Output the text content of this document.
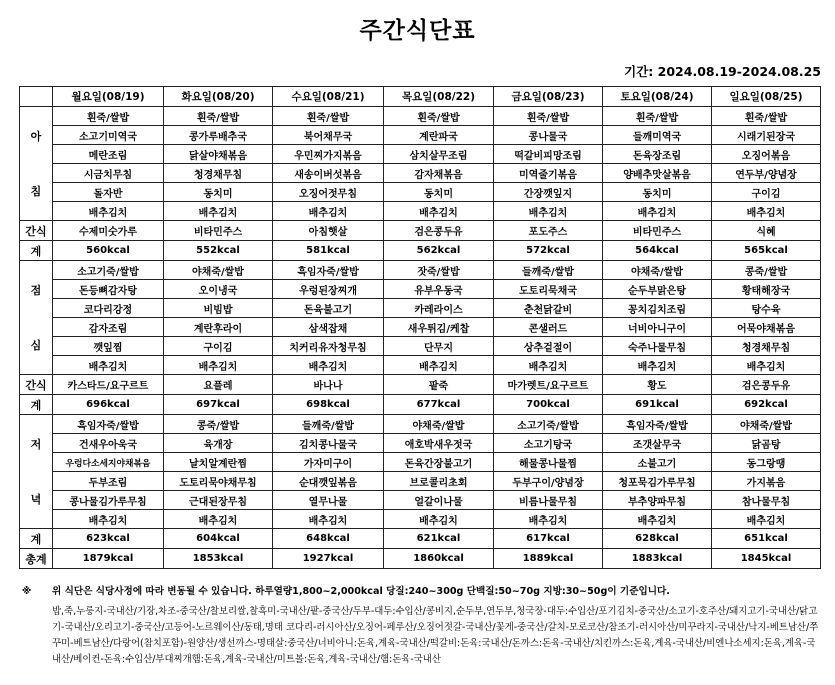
주간식단표
기간: 2024.08.19-2024.08.25
	월요일(08/19)	화요일(08/20)	수요일(08/21)	목요일(08/22)	금요일(08/23)	토요일(08/24)	일요일(08/25)

아
침	흰죽/쌀밥	흰죽/쌀밥	흰죽/쌀밥	흰죽/쌀밥	흰죽/쌀밥	흰죽/쌀밥	흰죽/쌀밥
	소고기미역국	콩가루배추국	북어채무국	계란파국	콩나물국	들깨미역국	시래기된장국
	메란조림	닭살야채볶음	우민찌가지볶음	삼치살무조림	떡갈비피망조림	돈육장조림	오징어볶음
	시금치무침	청경채무침	새송이버섯볶음	감자채볶음	미역줄기볶음	양배추맛살볶음	연두부/양념장
	돌자반	동치미	오징어젓무침	동치미	간장깻잎지	동치미	구이김
	배추김치	배추김치	배추김치	배추김치	배추김치	배추김치	배추김치
간식	수제미숫가루	비타민주스	아침햇살	검은콩두유	포도주스	비타민주스	식혜
계	560kcal	552kcal	581kcal	562kcal	572kcal	564kcal	565kcal

점
심	소고기죽/쌀밥	야채죽/쌀밥	흑임자죽/쌀밥	잣죽/쌀밥	들깨죽/쌀밥	야채죽/쌀밥	콩죽/쌀밥
	돈등뼈감자탕	오이냉국	우렁된장찌개	유부우동국	도토리묵채국	순두부맑은탕	황태해장국
	코다리강정	비빔밥	돈육불고기	카레라이스	춘천닭갈비	꽁치김치조림	탕수육
	감자조림	계란후라이	삼색잡채	새우튀김/케찹	콘샐러드	너비아니구이	어묵야채볶음
	깻잎찜	구이김	치커리유자청무침	단무지	상추겉절이	숙주나물무침	청경채무침
	배추김치	배추김치	배추김치	배추김치	배추김치	배추김치	배추김치
간식	카스타드/요구르트	요플레	바나나	팥죽	마가렛트/요구르트	황도	검은콩두유
계	696kcal	697kcal	698kcal	677kcal	700kcal	691kcal	692kcal

저
녁	흑임자죽/쌀밥	콩죽/쌀밥	들깨죽/쌀밥	야채죽/쌀밥	소고기죽/쌀밥	흑임자죽/쌀밥	야채죽/쌀밥
	건새우아욱국	육개장	김치콩나물국	애호박새우젓국	소고기탕국	조갯살무국	닭곰탕
	우렁다소세지야채볶음	날치알계란찜	가자미구이	돈육간장불고기	해물콩나물찜	소불고기	동그랑땡
	두부조림	도토리묵야채무침	순대깻잎볶음	브로콜리초회	두부구이/양념장	청포묵김가루무침	가지볶음
	콩나물김가루무침	근대된장무침	열무나물	얼갈이나물	비름나물무침	부추양파무침	참나물무침
	배추김치	배추김치	배추김치	배추김치	배추김치	배추김치	배추김치
계	623kcal	604kcal	648kcal	621kcal	617kcal	628kcal	651kcal
총계	1879kcal	1853kcal	1927kcal	1860kcal	1889kcal	1883kcal	1845kcal
※	위 식단은 식당사정에 따라 변동될 수 있습니다. 하루열량1,800~2,000kcal 당질:240~300g 단백질:50~70g 지방:30~50g이 기준입니다.
밥,죽,누룽지-국내산/기장,차조-중국산/찰보리쌀,찰흑미-국내산/팥-중국산/두부-대두:수입산/콩비지,순두부,연두부,청국장-대두:수입산/포기김치-중국산/소고기-호주산/돼지고기-국내산/닭고기-국내산/오리고기-중국산/고등어-노르웨이산/동태,명태 코다리-러시아산/오징어-페루산/오징어젓갈-국내산/꽃게-중국산/갈치-모로코산/참조기-러시아산/미꾸라지-국내산/낙지-베트남산/쭈꾸미-베트남산/다랑어(참치포함)-원양산/생선까스-명태살:중국산/너비아니:돈육,계육-국내산/떡갈비:돈육:국내산/돈까스:돈육-국내산/치킨까스:돈육,계육-국내산/비엔나소세지:돈육,계육-국내산/베이컨-돈육:수입산/부대찌개햄:돈육,계육-국내산/미트볼:돈육,계육-국내산/햄:돈육-국내산
